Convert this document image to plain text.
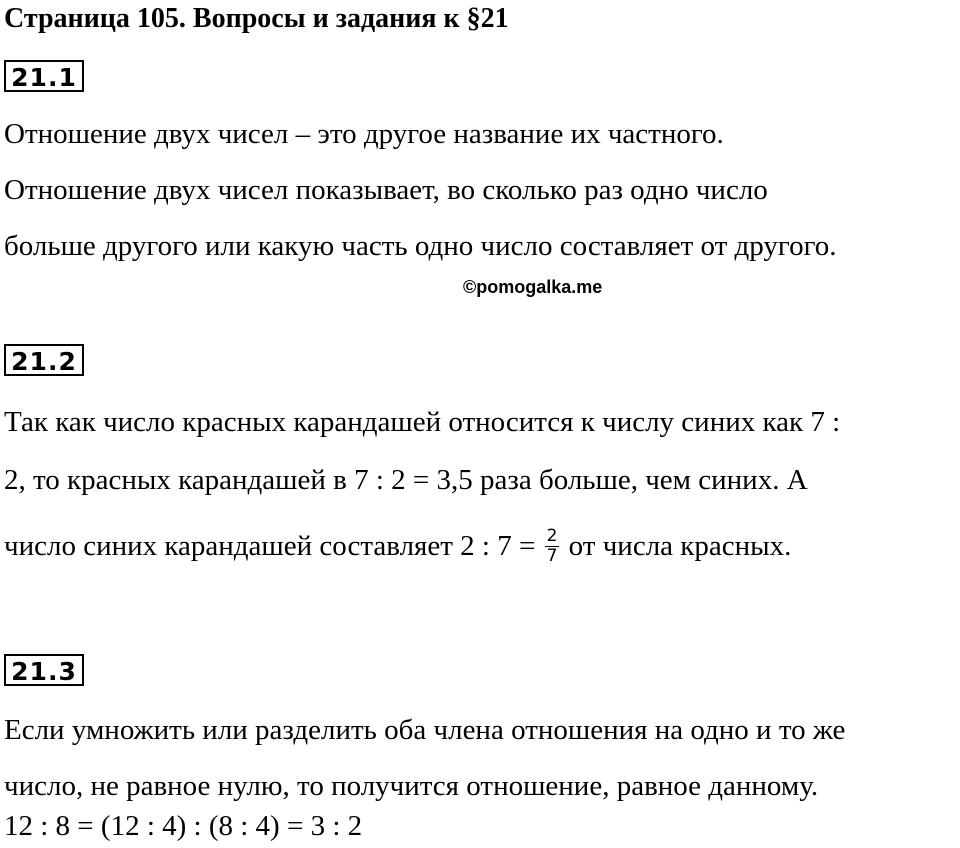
Страница 105. Вопросы и задания к §21
21.1
Отношение двух чисел – это другое название их частного.
Отношение двух чисел показывает, во сколько раз одно число
больше другого или какую часть одно число составляет от другого.
©pomogalka.me
21.2
Так как число красных карандашей относится к числу синих как 7 :
2, то красных карандашей в 7 : 2 = 3,5 раза больше, чем синих. А
число синих карандашей составляет 2 : $7 = \frac{2}{7}$ от числа красных.
21.3
Если умножить или разделить оба члена отношения на одно и то же
число, не равное нулю, то получится отношение, равное данному.
12 : 8 = (12 : 4) : (8 : 4) = 3 : 2
